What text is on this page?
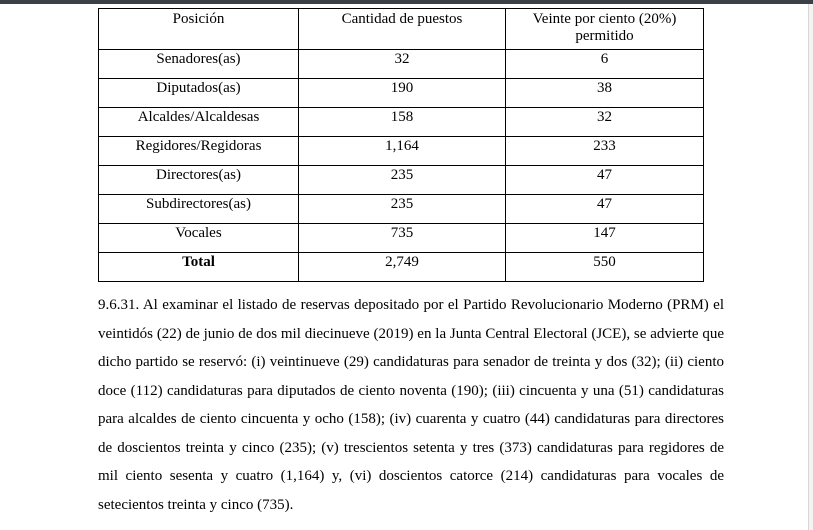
Posición	Cantidad de puestos	Veinte por ciento (20%) permitido
Senadores(as)	32	6
Diputados(as)	190	38
Alcaldes/Alcaldesas	158	32
Regidores/Regidoras	1,164	233
Directores(as)	235	47
Subdirectores(as)	235	47
Vocales	735	147
Total	2,749	550

9.6.31. Al examinar el listado de reservas depositado por el Partido Revolucionario Moderno (PRM) el veintidós (22) de junio de dos mil diecinueve (2019) en la Junta Central Electoral (JCE), se advierte que dicho partido se reservó: (i) veintinueve (29) candidaturas para senador de treinta y dos (32); (ii) ciento doce (112) candidaturas para diputados de ciento noventa (190); (iii) cincuenta y una (51) candidaturas para alcaldes de ciento cincuenta y ocho (158); (iv) cuarenta y cuatro (44) candidaturas para directores de doscientos treinta y cinco (235); (v) trescientos setenta y tres (373) candidaturas para regidores de mil ciento sesenta y cuatro (1,164) y, (vi) doscientos catorce (214) candidaturas para vocales de setecientos treinta y cinco (735).
